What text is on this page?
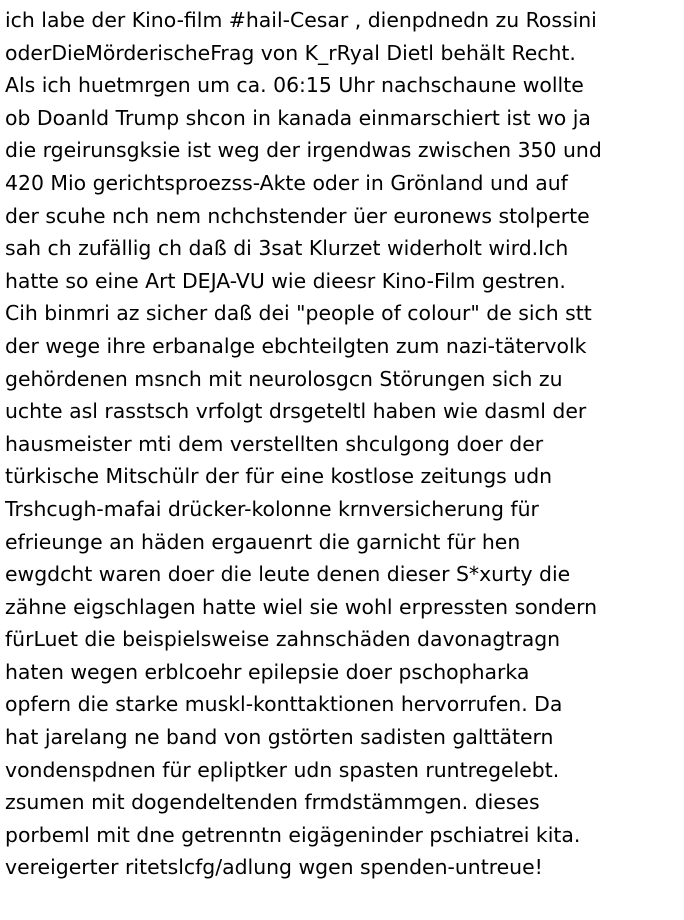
ich labe der Kino-film #hail-Cesar , dienpdnedn zu Rossini
oderDieMörderischeFrag von K_rRyal Dietl behält Recht.
Als ich huetmrgen um ca. 06:15 Uhr nachschaune wollte
ob Doanld Trump shcon in kanada einmarschiert ist wo ja
die rgeirunsgksie ist weg der irgendwas zwischen 350 und
420 Mio gerichtsproezss-Akte oder in Grönland und auf
der scuhe nch nem nchchstender üer euronews stolperte
sah ch zufällig ch daß di 3sat Klurzet widerholt wird.Ich
hatte so eine Art DEJA-VU wie dieesr Kino-Film gestren.
Cih binmri az sicher daß dei "people of colour" de sich stt
der wege ihre erbanalge ebchteilgten zum nazi-tätervolk
gehördenen msnch mit neurolosgcn Störungen sich zu
uchte asl rasstsch vrfolgt drsgeteltl haben wie dasml der
hausmeister mti dem verstellten shculgong doer der
türkische Mitschülr der für eine kostlose zeitungs udn
Trshcugh-mafai drücker-kolonne krnversicherung für
efrieunge an häden ergauenrt die garnicht für hen
ewgdcht waren doer die leute denen dieser S*xurty die
zähne eigschlagen hatte wiel sie wohl erpressten sondern
fürLuet die beispielsweise zahnschäden davonagtragn
haten wegen erblcoehr epilepsie doer pschopharka
opfern die starke muskl-konttaktionen hervorrufen. Da
hat jarelang ne band von gstörten sadisten galttätern
vondenspdnen für epliptker udn spasten runtregelebt.
zsumen mit dogendeltenden frmdstämmgen. dieses
porbeml mit dne getrenntn eigägeninder pschiatrei kita.
vereigerter ritetslcfg/adlung wgen spenden-untreue!
